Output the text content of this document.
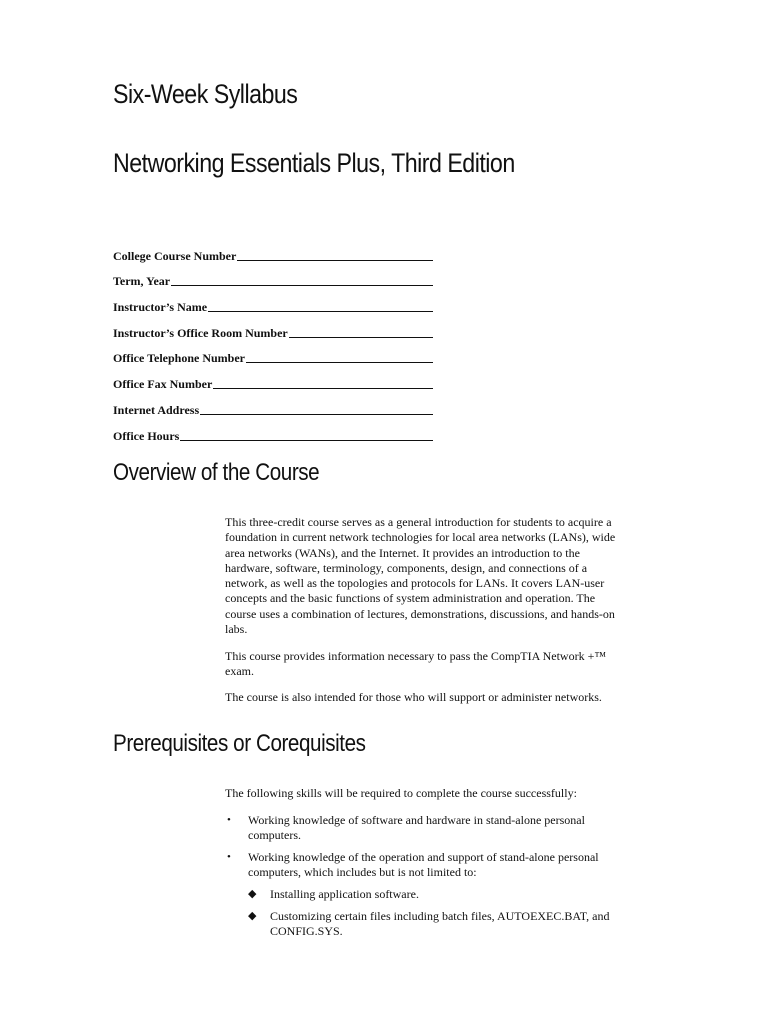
Six-Week Syllabus
Networking Essentials Plus, Third Edition
College Course Number
Term, Year
Instructor’s Name
Instructor’s Office Room Number
Office Telephone Number
Office Fax Number
Internet Address
Office Hours
Overview of the Course

This three-credit course serves as a general introduction for students to acquire a
foundation in current network technologies for local area networks (LANs), wide
area networks (WANs), and the Internet. It provides an introduction to the
hardware, software, terminology, components, design, and connections of a
network, as well as the topologies and protocols for LANs. It covers LAN-user
concepts and the basic functions of system administration and operation. The
course uses a combination of lectures, demonstrations, discussions, and hands-on
labs.

This course provides information necessary to pass the CompTIA Network +™
exam.

The course is also intended for those who will support or administer networks.

Prerequisites or Corequisites

The following skills will be required to complete the course successfully:

• Working knowledge of software and hardware in stand-alone personal
computers.
• Working knowledge of the operation and support of stand-alone personal
computers, which includes but is not limited to:
◆ Installing application software.
◆ Customizing certain files including batch files, AUTOEXEC.BAT, and
CONFIG.SYS.
